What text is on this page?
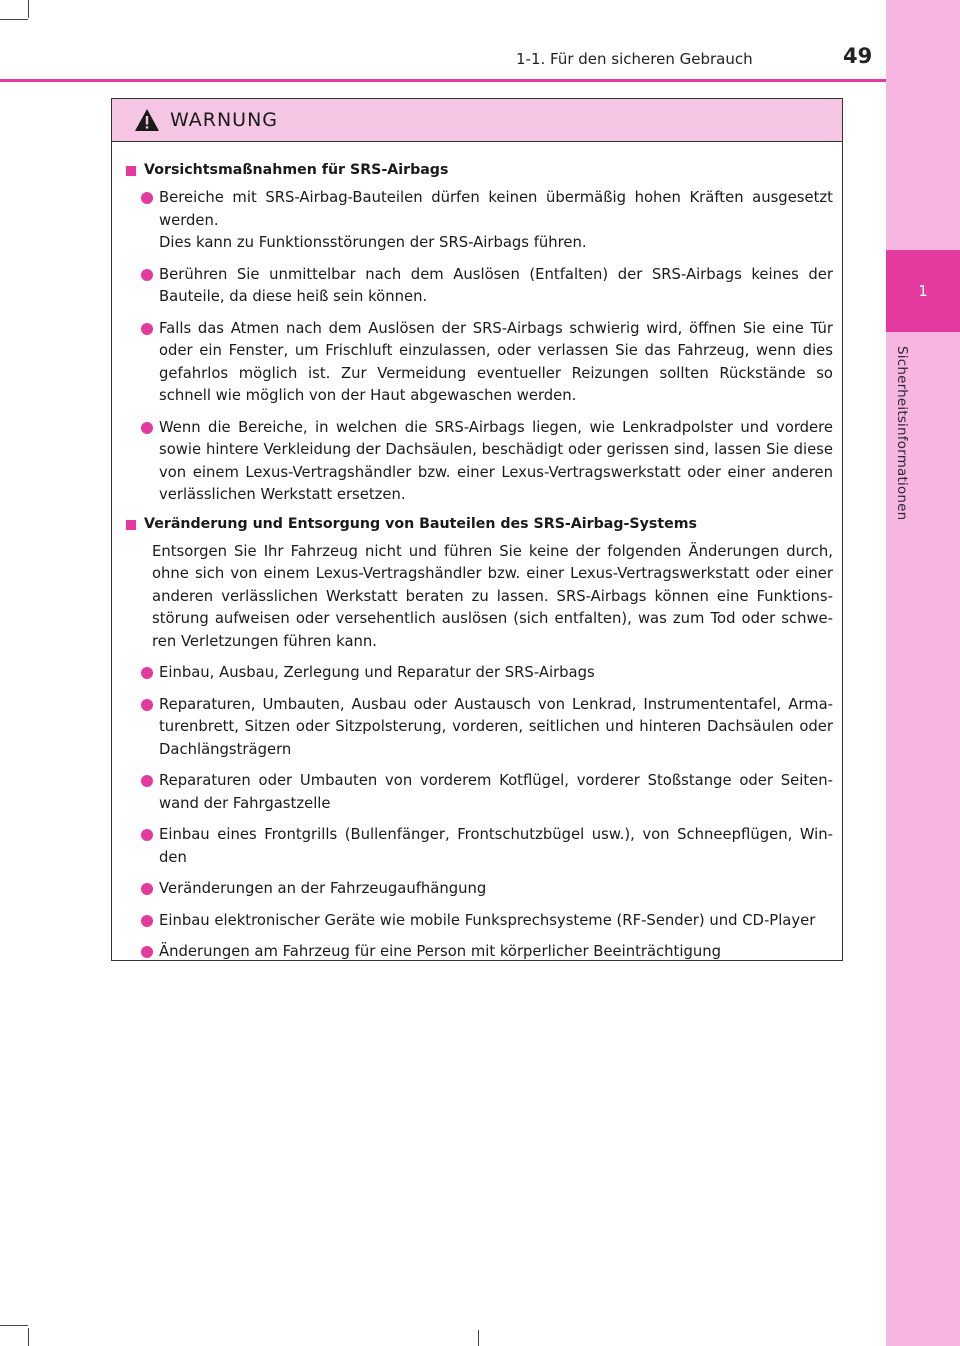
1
Sicherheitsinformationen
1-1. Für den sicheren Gebrauch	49
WARNUNG
Vorsichtsmaßnahmen für SRS-Airbags
Bereiche mit SRS-Airbag-Bauteilen dürfen keinen übermäßig hohen Kräften ausgesetzt werden.
Dies kann zu Funktionsstörungen der SRS-Airbags führen.
Berühren Sie unmittelbar nach dem Auslösen (Entfalten) der SRS-Airbags keines der Bauteile, da diese heiß sein können.
Falls das Atmen nach dem Auslösen der SRS-Airbags schwierig wird, öffnen Sie eine Tür oder ein Fenster, um Frischluft einzulassen, oder verlassen Sie das Fahrzeug, wenn dies gefahrlos möglich ist. Zur Vermeidung eventueller Reizungen sollten Rückstände so schnell wie möglich von der Haut abgewaschen werden.
Wenn die Bereiche, in welchen die SRS-Airbags liegen, wie Lenkradpolster und vordere sowie hintere Verkleidung der Dachsäulen, beschädigt oder gerissen sind, lassen Sie diese von einem Lexus-Vertragshändler bzw. einer Lexus-Vertragswerkstatt oder einer anderen verlässlichen Werkstatt ersetzen.
Veränderung und Entsorgung von Bauteilen des SRS-Airbag-Systems
Entsorgen Sie Ihr Fahrzeug nicht und führen Sie keine der folgenden Änderungen durch, ohne sich von einem Lexus-Vertragshändler bzw. einer Lexus-Vertragswerkstatt oder einer anderen verlässlichen Werkstatt beraten zu lassen. SRS-Airbags können eine Funktions-störung aufweisen oder versehentlich auslösen (sich entfalten), was zum Tod oder schwe-ren Verletzungen führen kann.
Einbau, Ausbau, Zerlegung und Reparatur der SRS-Airbags
Reparaturen, Umbauten, Ausbau oder Austausch von Lenkrad, Instrumententafel, Arma-turenbrett, Sitzen oder Sitzpolsterung, vorderen, seitlichen und hinteren Dachsäulen oder Dachlängsträgern
Reparaturen oder Umbauten von vorderem Kotflügel, vorderer Stoßstange oder Seiten-wand der Fahrgastzelle
Einbau eines Frontgrills (Bullenfänger, Frontschutzbügel usw.), von Schneepflügen, Win-den
Veränderungen an der Fahrzeugaufhängung
Einbau elektronischer Geräte wie mobile Funksprechsysteme (RF-Sender) und CD-Player
Änderungen am Fahrzeug für eine Person mit körperlicher Beeinträchtigung
